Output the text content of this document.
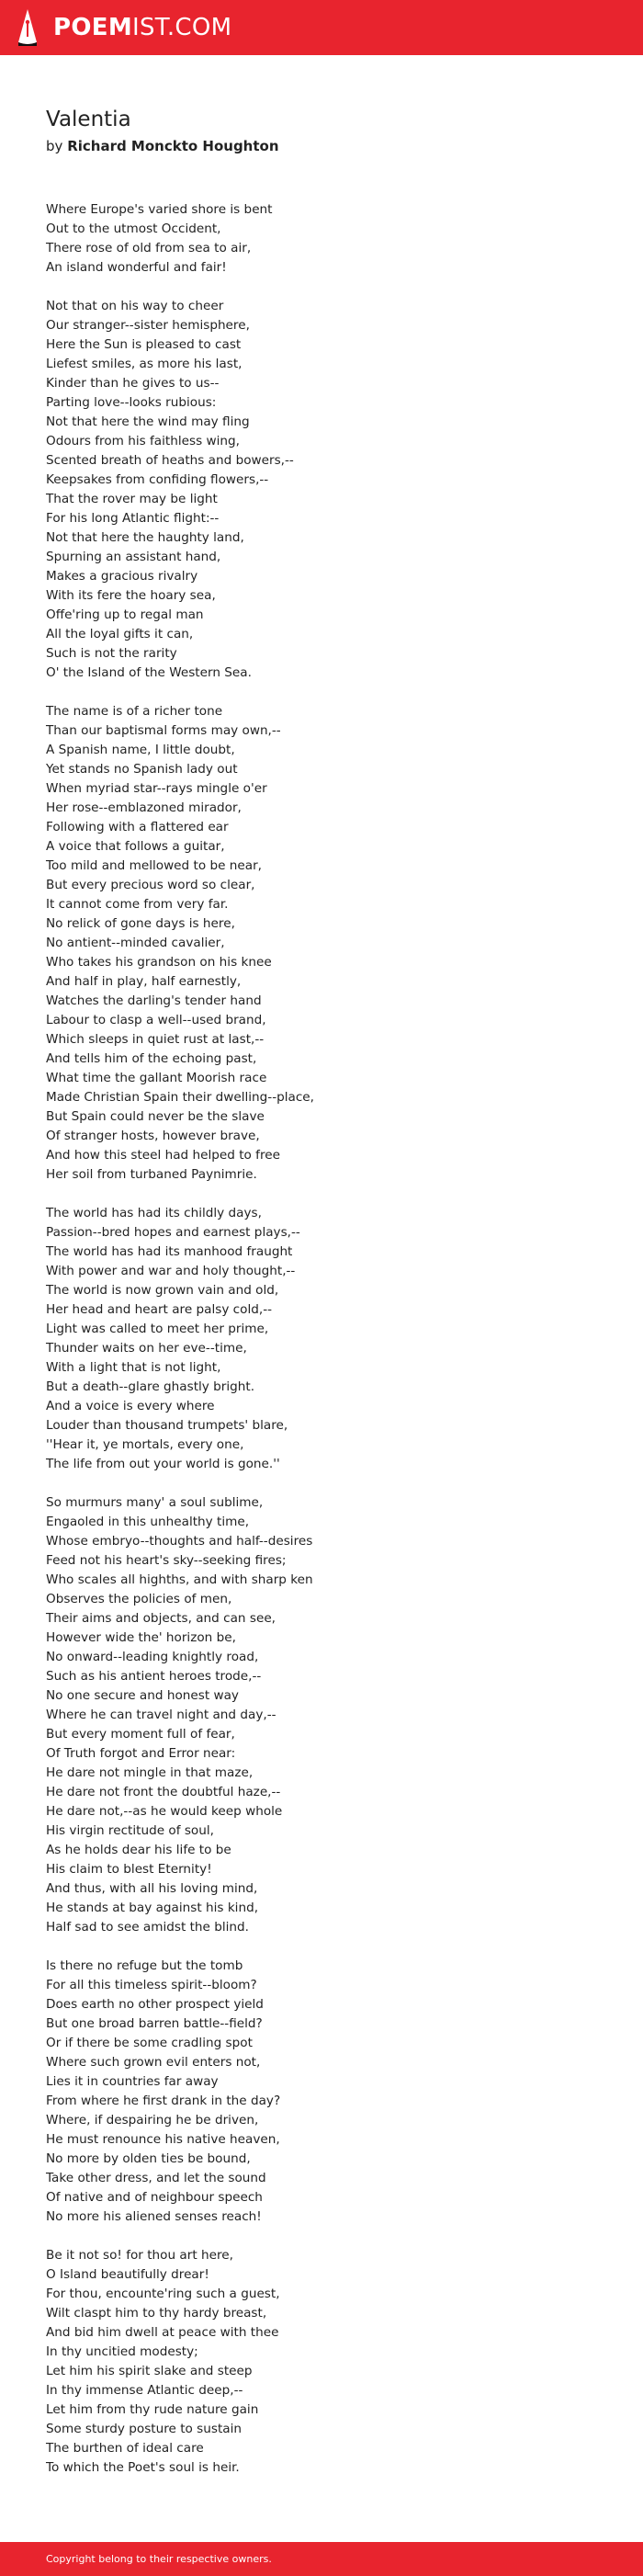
POEMIST.COM
Valentia
by Richard Monckto Houghton
Where Europe's varied shore is bent
Out to the utmost Occident,
There rose of old from sea to air,
An island wonderful and fair!
Not that on his way to cheer
Our stranger--sister hemisphere,
Here the Sun is pleased to cast
Liefest smiles, as more his last,
Kinder than he gives to us--
Parting love--looks rubious:
Not that here the wind may fling
Odours from his faithless wing,
Scented breath of heaths and bowers,--
Keepsakes from confiding flowers,--
That the rover may be light
For his long Atlantic flight:--
Not that here the haughty land,
Spurning an assistant hand,
Makes a gracious rivalry
With its fere the hoary sea,
Offe'ring up to regal man
All the loyal gifts it can,
Such is not the rarity
O' the Island of the Western Sea.
The name is of a richer tone
Than our baptismal forms may own,--
A Spanish name, I little doubt,
Yet stands no Spanish lady out
When myriad star--rays mingle o'er
Her rose--emblazoned mirador,
Following with a flattered ear
A voice that follows a guitar,
Too mild and mellowed to be near,
But every precious word so clear,
It cannot come from very far.
No relick of gone days is here,
No antient--minded cavalier,
Who takes his grandson on his knee
And half in play, half earnestly,
Watches the darling's tender hand
Labour to clasp a well--used brand,
Which sleeps in quiet rust at last,--
And tells him of the echoing past,
What time the gallant Moorish race
Made Christian Spain their dwelling--place,
But Spain could never be the slave
Of stranger hosts, however brave,
And how this steel had helped to free
Her soil from turbaned Paynimrie.
The world has had its childly days,
Passion--bred hopes and earnest plays,--
The world has had its manhood fraught
With power and war and holy thought,--
The world is now grown vain and old,
Her head and heart are palsy cold,--
Light was called to meet her prime,
Thunder waits on her eve--time,
With a light that is not light,
But a death--glare ghastly bright.
And a voice is every where
Louder than thousand trumpets' blare,
''Hear it, ye mortals, every one,
The life from out your world is gone.''
So murmurs many' a soul sublime,
Engaoled in this unhealthy time,
Whose embryo--thoughts and half--desires
Feed not his heart's sky--seeking fires;
Who scales all highths, and with sharp ken
Observes the policies of men,
Their aims and objects, and can see,
However wide the' horizon be,
No onward--leading knightly road,
Such as his antient heroes trode,--
No one secure and honest way
Where he can travel night and day,--
But every moment full of fear,
Of Truth forgot and Error near:
He dare not mingle in that maze,
He dare not front the doubtful haze,--
He dare not,--as he would keep whole
His virgin rectitude of soul,
As he holds dear his life to be
His claim to blest Eternity!
And thus, with all his loving mind,
He stands at bay against his kind,
Half sad to see amidst the blind.
Is there no refuge but the tomb
For all this timeless spirit--bloom?
Does earth no other prospect yield
But one broad barren battle--field?
Or if there be some cradling spot
Where such grown evil enters not,
Lies it in countries far away
From where he first drank in the day?
Where, if despairing he be driven,
He must renounce his native heaven,
No more by olden ties be bound,
Take other dress, and let the sound
Of native and of neighbour speech
No more his aliened senses reach!
Be it not so! for thou art here,
O Island beautifully drear!
For thou, encounte'ring such a guest,
Wilt claspt him to thy hardy breast,
And bid him dwell at peace with thee
In thy uncitied modesty;
Let him his spirit slake and steep
In thy immense Atlantic deep,--
Let him from thy rude nature gain
Some sturdy posture to sustain
The burthen of ideal care
To which the Poet's soul is heir.
Copyright belong to their respective owners.
